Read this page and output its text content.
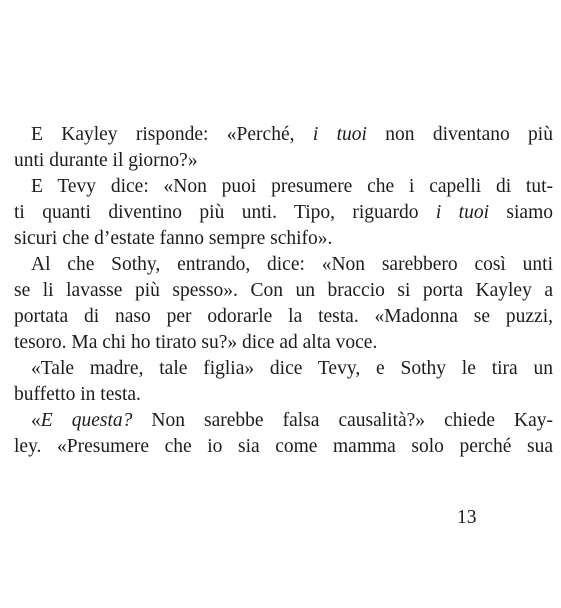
E Kayley risponde: «Perché, i tuoi non diventano più
unti durante il giorno?»
E Tevy dice: «Non puoi presumere che i capelli di tut-
ti quanti diventino più unti. Tipo, riguardo i tuoi siamo
sicuri che d’estate fanno sempre schifo».
Al che Sothy, entrando, dice: «Non sarebbero così unti
se li lavasse più spesso». Con un braccio si porta Kayley a
portata di naso per odorarle la testa. «Madonna se puzzi,
tesoro. Ma chi ho tirato su?» dice ad alta voce.
«Tale madre, tale figlia» dice Tevy, e Sothy le tira un
buffetto in testa.
«E questa? Non sarebbe falsa causalità?» chiede Kay-
ley. «Presumere che io sia come mamma solo perché sua
13
